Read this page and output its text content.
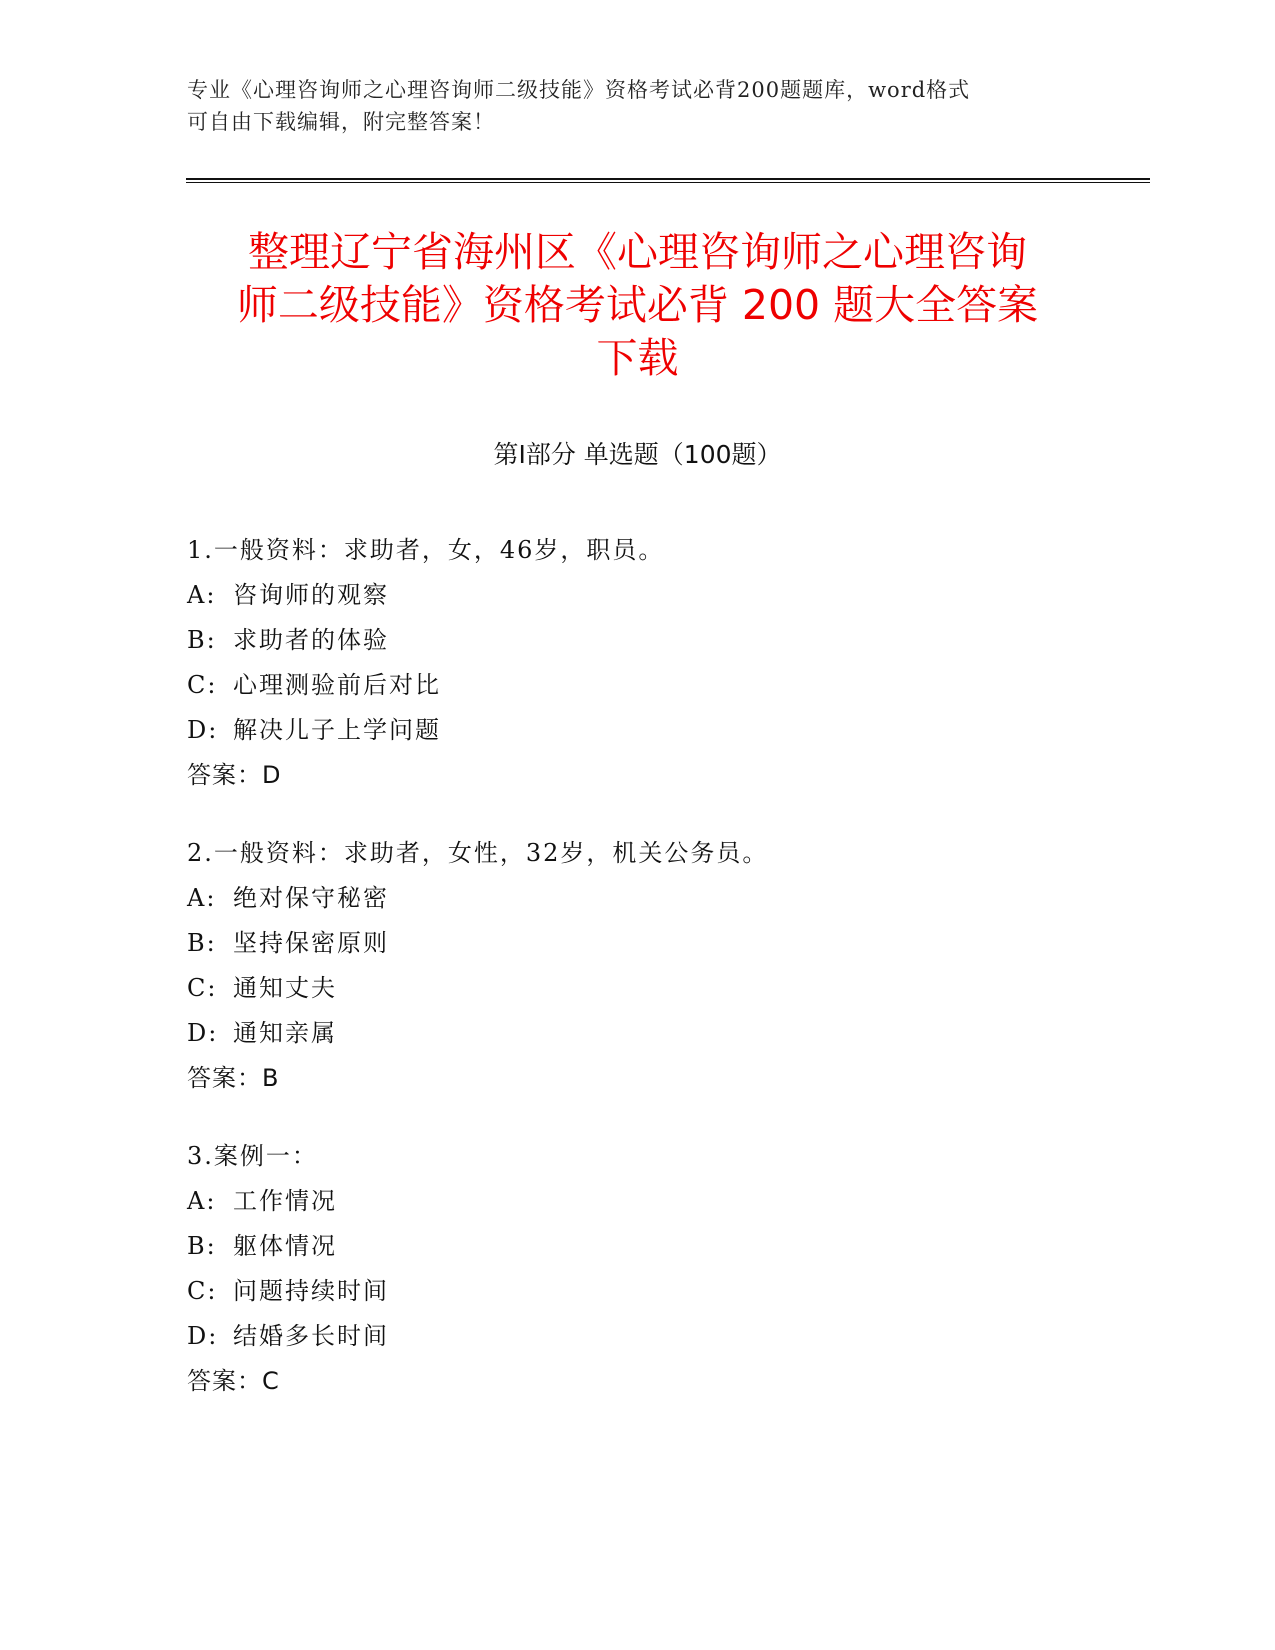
专业《心理咨询师之心理咨询师二级技能》资格考试必背200题题库，word格式
可自由下载编辑，附完整答案！
整理辽宁省海州区《心理咨询师之心理咨询
师二级技能》资格考试必背 200 题大全答案
下载
第Ⅰ部分 单选题（100题）
1.一般资料：求助者，女，46岁，职员。
A: 咨询师的观察
B: 求助者的体验
C: 心理测验前后对比
D: 解决儿子上学问题
答案：D
2.一般资料：求助者，女性，32岁，机关公务员。
A: 绝对保守秘密
B: 坚持保密原则
C: 通知丈夫
D: 通知亲属
答案：B
3.案例一：
A: 工作情况
B: 躯体情况
C: 问题持续时间
D: 结婚多长时间
答案：C
